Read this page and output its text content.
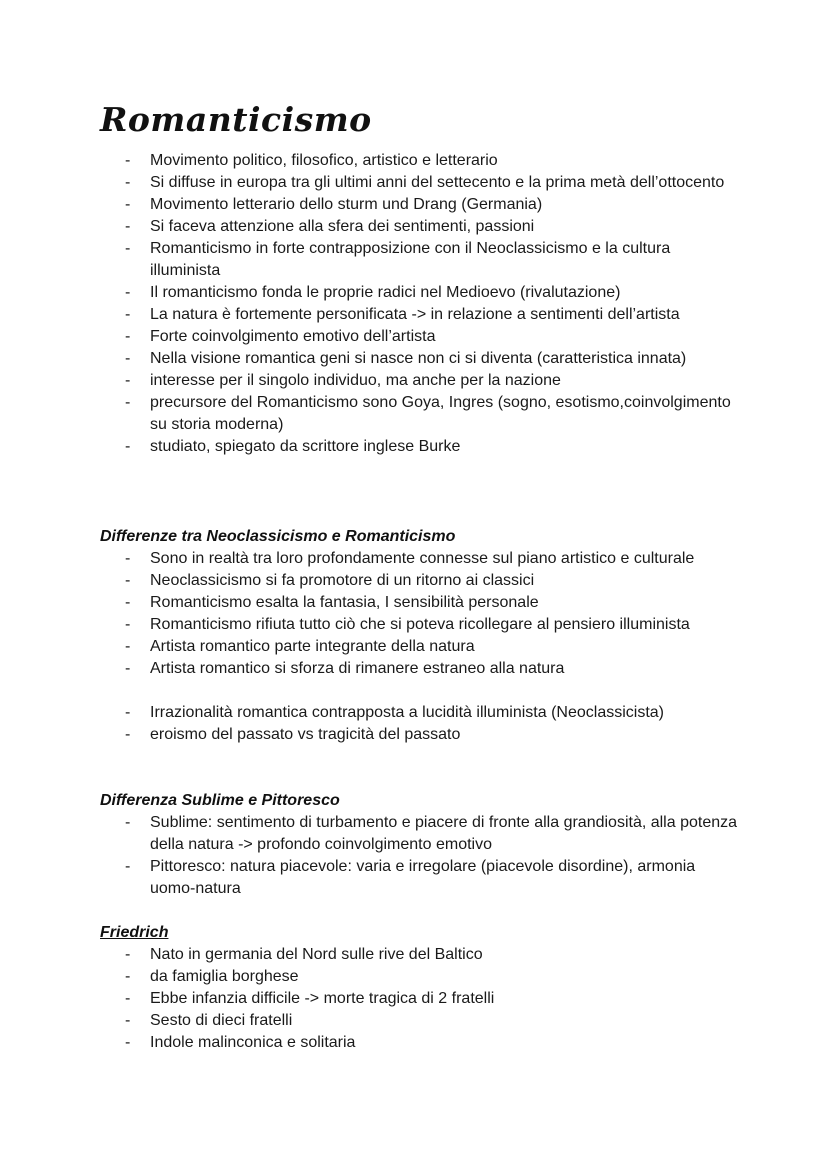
Romanticismo
- Movimento politico, filosofico, artistico e letterario
- Si diffuse in europa tra gli ultimi anni del settecento e la prima metà dell’ottocento
- Movimento letterario dello sturm und Drang (Germania)
- Si faceva attenzione alla sfera dei sentimenti, passioni
- Romanticismo in forte contrapposizione con il Neoclassicismo e la cultura illuminista
- Il romanticismo fonda le proprie radici nel Medioevo (rivalutazione)
- La natura è fortemente personificata -> in relazione a sentimenti dell’artista
- Forte coinvolgimento emotivo dell’artista
- Nella visione romantica geni si nasce non ci si diventa (caratteristica innata)
- interesse per il singolo individuo, ma anche per la nazione
- precursore del Romanticismo sono Goya, Ingres (sogno, esotismo,coinvolgimento su storia moderna)
- studiato, spiegato da scrittore inglese Burke
Differenze tra Neoclassicismo e Romanticismo
- Sono in realtà tra loro profondamente connesse sul piano artistico e culturale
- Neoclassicismo si fa promotore di un ritorno ai classici
- Romanticismo esalta la fantasia, I sensibilità personale
- Romanticismo rifiuta tutto ciò che si poteva ricollegare al pensiero illuminista
- Artista romantico parte integrante della natura
- Artista romantico si sforza di rimanere estraneo alla natura
- Irrazionalità romantica contrapposta a lucidità illuminista (Neoclassicista)
- eroismo del passato vs tragicità del passato
Differenza Sublime e Pittoresco
- Sublime: sentimento di turbamento e piacere di fronte alla grandiosità, alla potenza della natura -> profondo coinvolgimento emotivo
- Pittoresco: natura piacevole: varia e irregolare (piacevole disordine), armonia uomo-natura
Friedrich
- Nato in germania del Nord sulle rive del Baltico
- da famiglia borghese
- Ebbe infanzia difficile -> morte tragica di 2 fratelli
- Sesto di dieci fratelli
- Indole malinconica e solitaria
